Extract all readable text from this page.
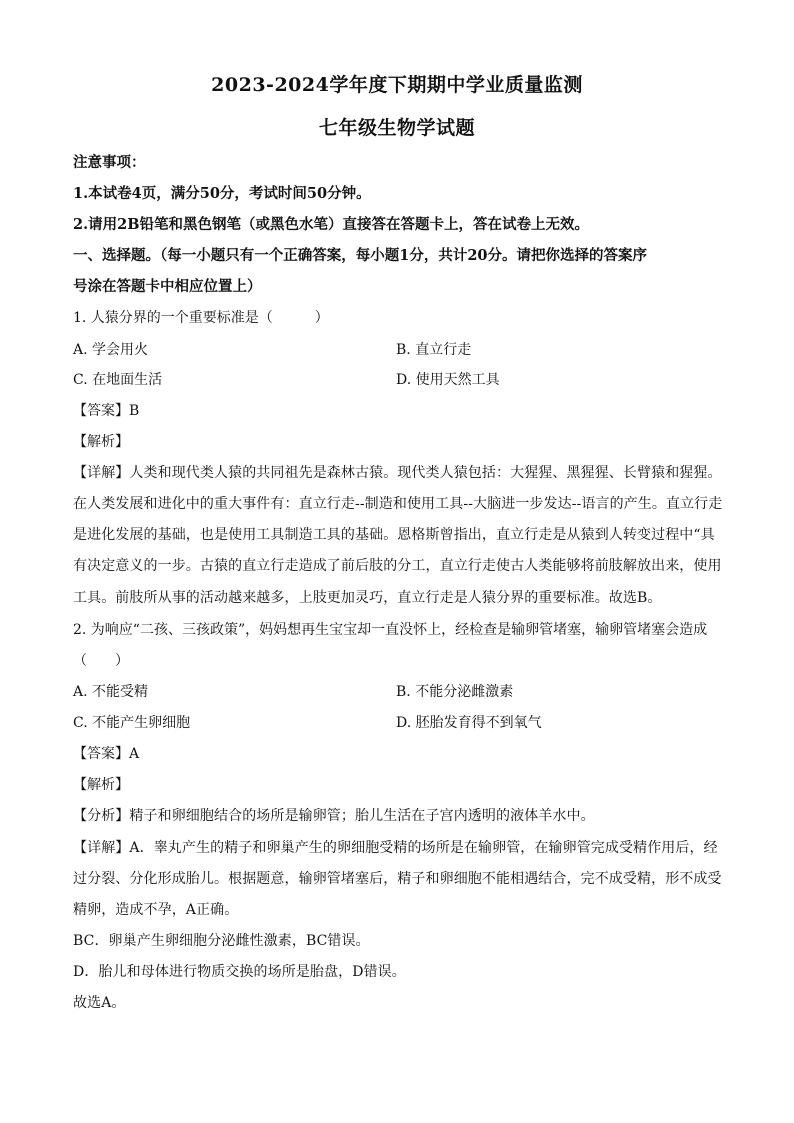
2023-2024学年度下期期中学业质量监测
七年级生物学试题
注意事项：
1.本试卷4页，满分50分，考试时间50分钟。
2.请用2B铅笔和黑色钢笔（或黑色水笔）直接答在答题卡上，答在试卷上无效。
一、选择题。（每一小题只有一个正确答案，每小题1分，共计20分。请把你选择的答案序
号涂在答题卡中相应位置上）
1. 人猿分界的一个重要标准是（　　　）
A. 学会用火	B. 直立行走
C. 在地面生活	D. 使用天然工具
【答案】B
【解析】
【详解】人类和现代类人猿的共同祖先是森林古猿。现代类人猿包括：大猩猩、黑猩猩、长臂猿和猩猩。
在人类发展和进化中的重大事件有：直立行走--制造和使用工具--大脑进一步发达--语言的产生。直立行走
是进化发展的基础，也是使用工具制造工具的基础。恩格斯曾指出，直立行走是从猿到人转变过程中“具
有决定意义的一步。古猿的直立行走造成了前后肢的分工，直立行走使古人类能够将前肢解放出来，使用
工具。前肢所从事的活动越来越多，上肢更加灵巧，直立行走是人猿分界的重要标准。故选B。
2. 为响应“二孩、三孩政策”，妈妈想再生宝宝却一直没怀上，经检查是输卵管堵塞，输卵管堵塞会造成
（　　）
A. 不能受精	B. 不能分泌雌激素
C. 不能产生卵细胞	D. 胚胎发育得不到氧气
【答案】A
【解析】
【分析】精子和卵细胞结合的场所是输卵管；胎儿生活在子宫内透明的液体羊水中。
【详解】A．睾丸产生的精子和卵巢产生的卵细胞受精的场所是在输卵管，在输卵管完成受精作用后，经
过分裂、分化形成胎儿。根据题意，输卵管堵塞后，精子和卵细胞不能相遇结合，完不成受精，形不成受
精卵，造成不孕，A正确。
BC．卵巢产生卵细胞分泌雌性激素，BC错误。
D．胎儿和母体进行物质交换的场所是胎盘，D错误。
故选A。
